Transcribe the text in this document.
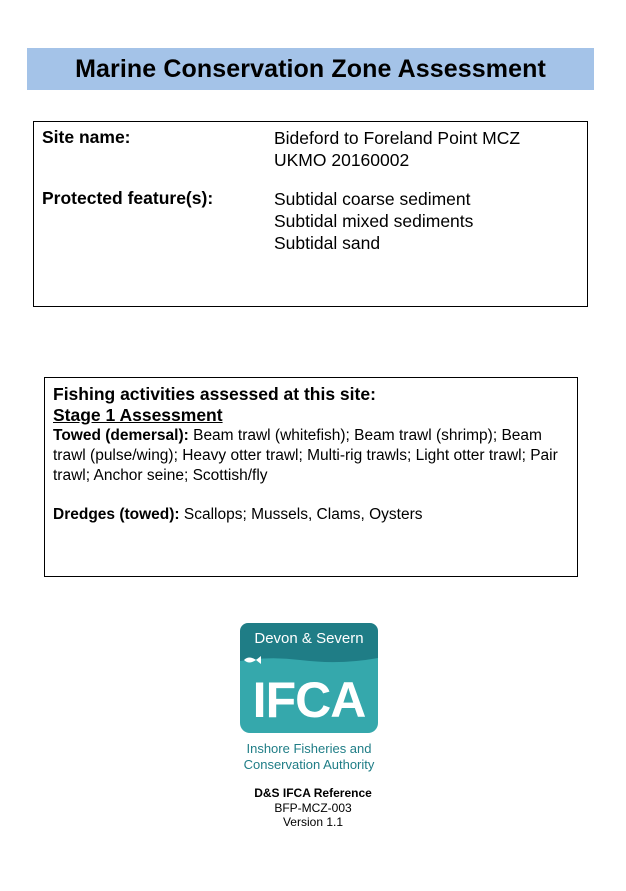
Marine Conservation Zone Assessment
Site name:	Bideford to Foreland Point MCZ
UKMO 20160002
Protected feature(s):	Subtidal coarse sediment
Subtidal mixed sediments
Subtidal sand
Fishing activities assessed at this site:
Stage 1 Assessment
Towed (demersal): Beam trawl (whitefish); Beam trawl (shrimp); Beam trawl (pulse/wing); Heavy otter trawl; Multi-rig trawls; Light otter trawl; Pair trawl; Anchor seine; Scottish/fly
Dredges (towed): Scallops; Mussels, Clams, Oysters
Devon & Severn
IFCA
Inshore Fisheries and
Conservation Authority
D&S IFCA Reference
BFP-MCZ-003
Version 1.1
